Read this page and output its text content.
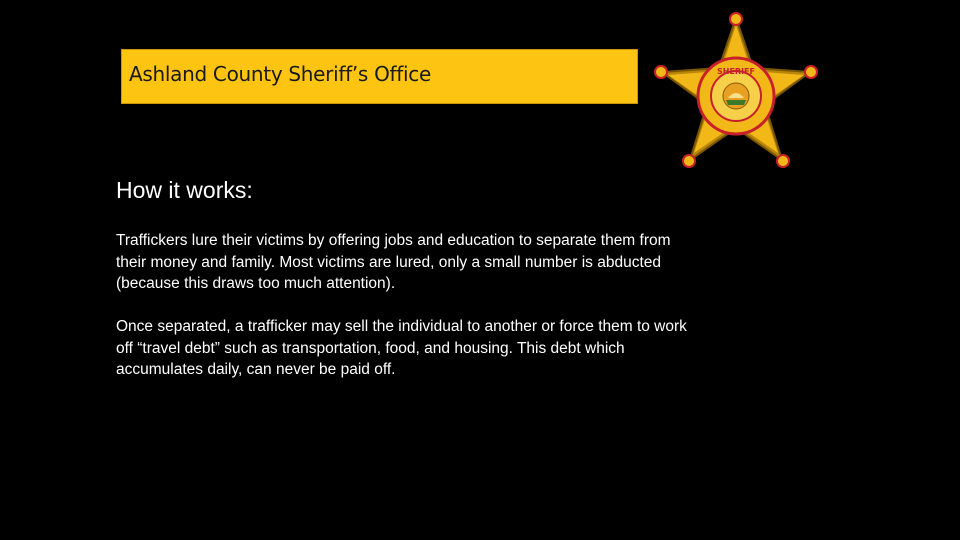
Ashland County Sheriff’s Office	SHERIFF
How it works:

Traffickers lure their victims by offering jobs and education to separate them from their money and family. Most victims are lured, only a small number is abducted (because this draws too much attention).

Once separated, a trafficker may sell the individual to another or force them to work off “travel debt” such as transportation, food, and housing. This debt which accumulates daily, can never be paid off.
